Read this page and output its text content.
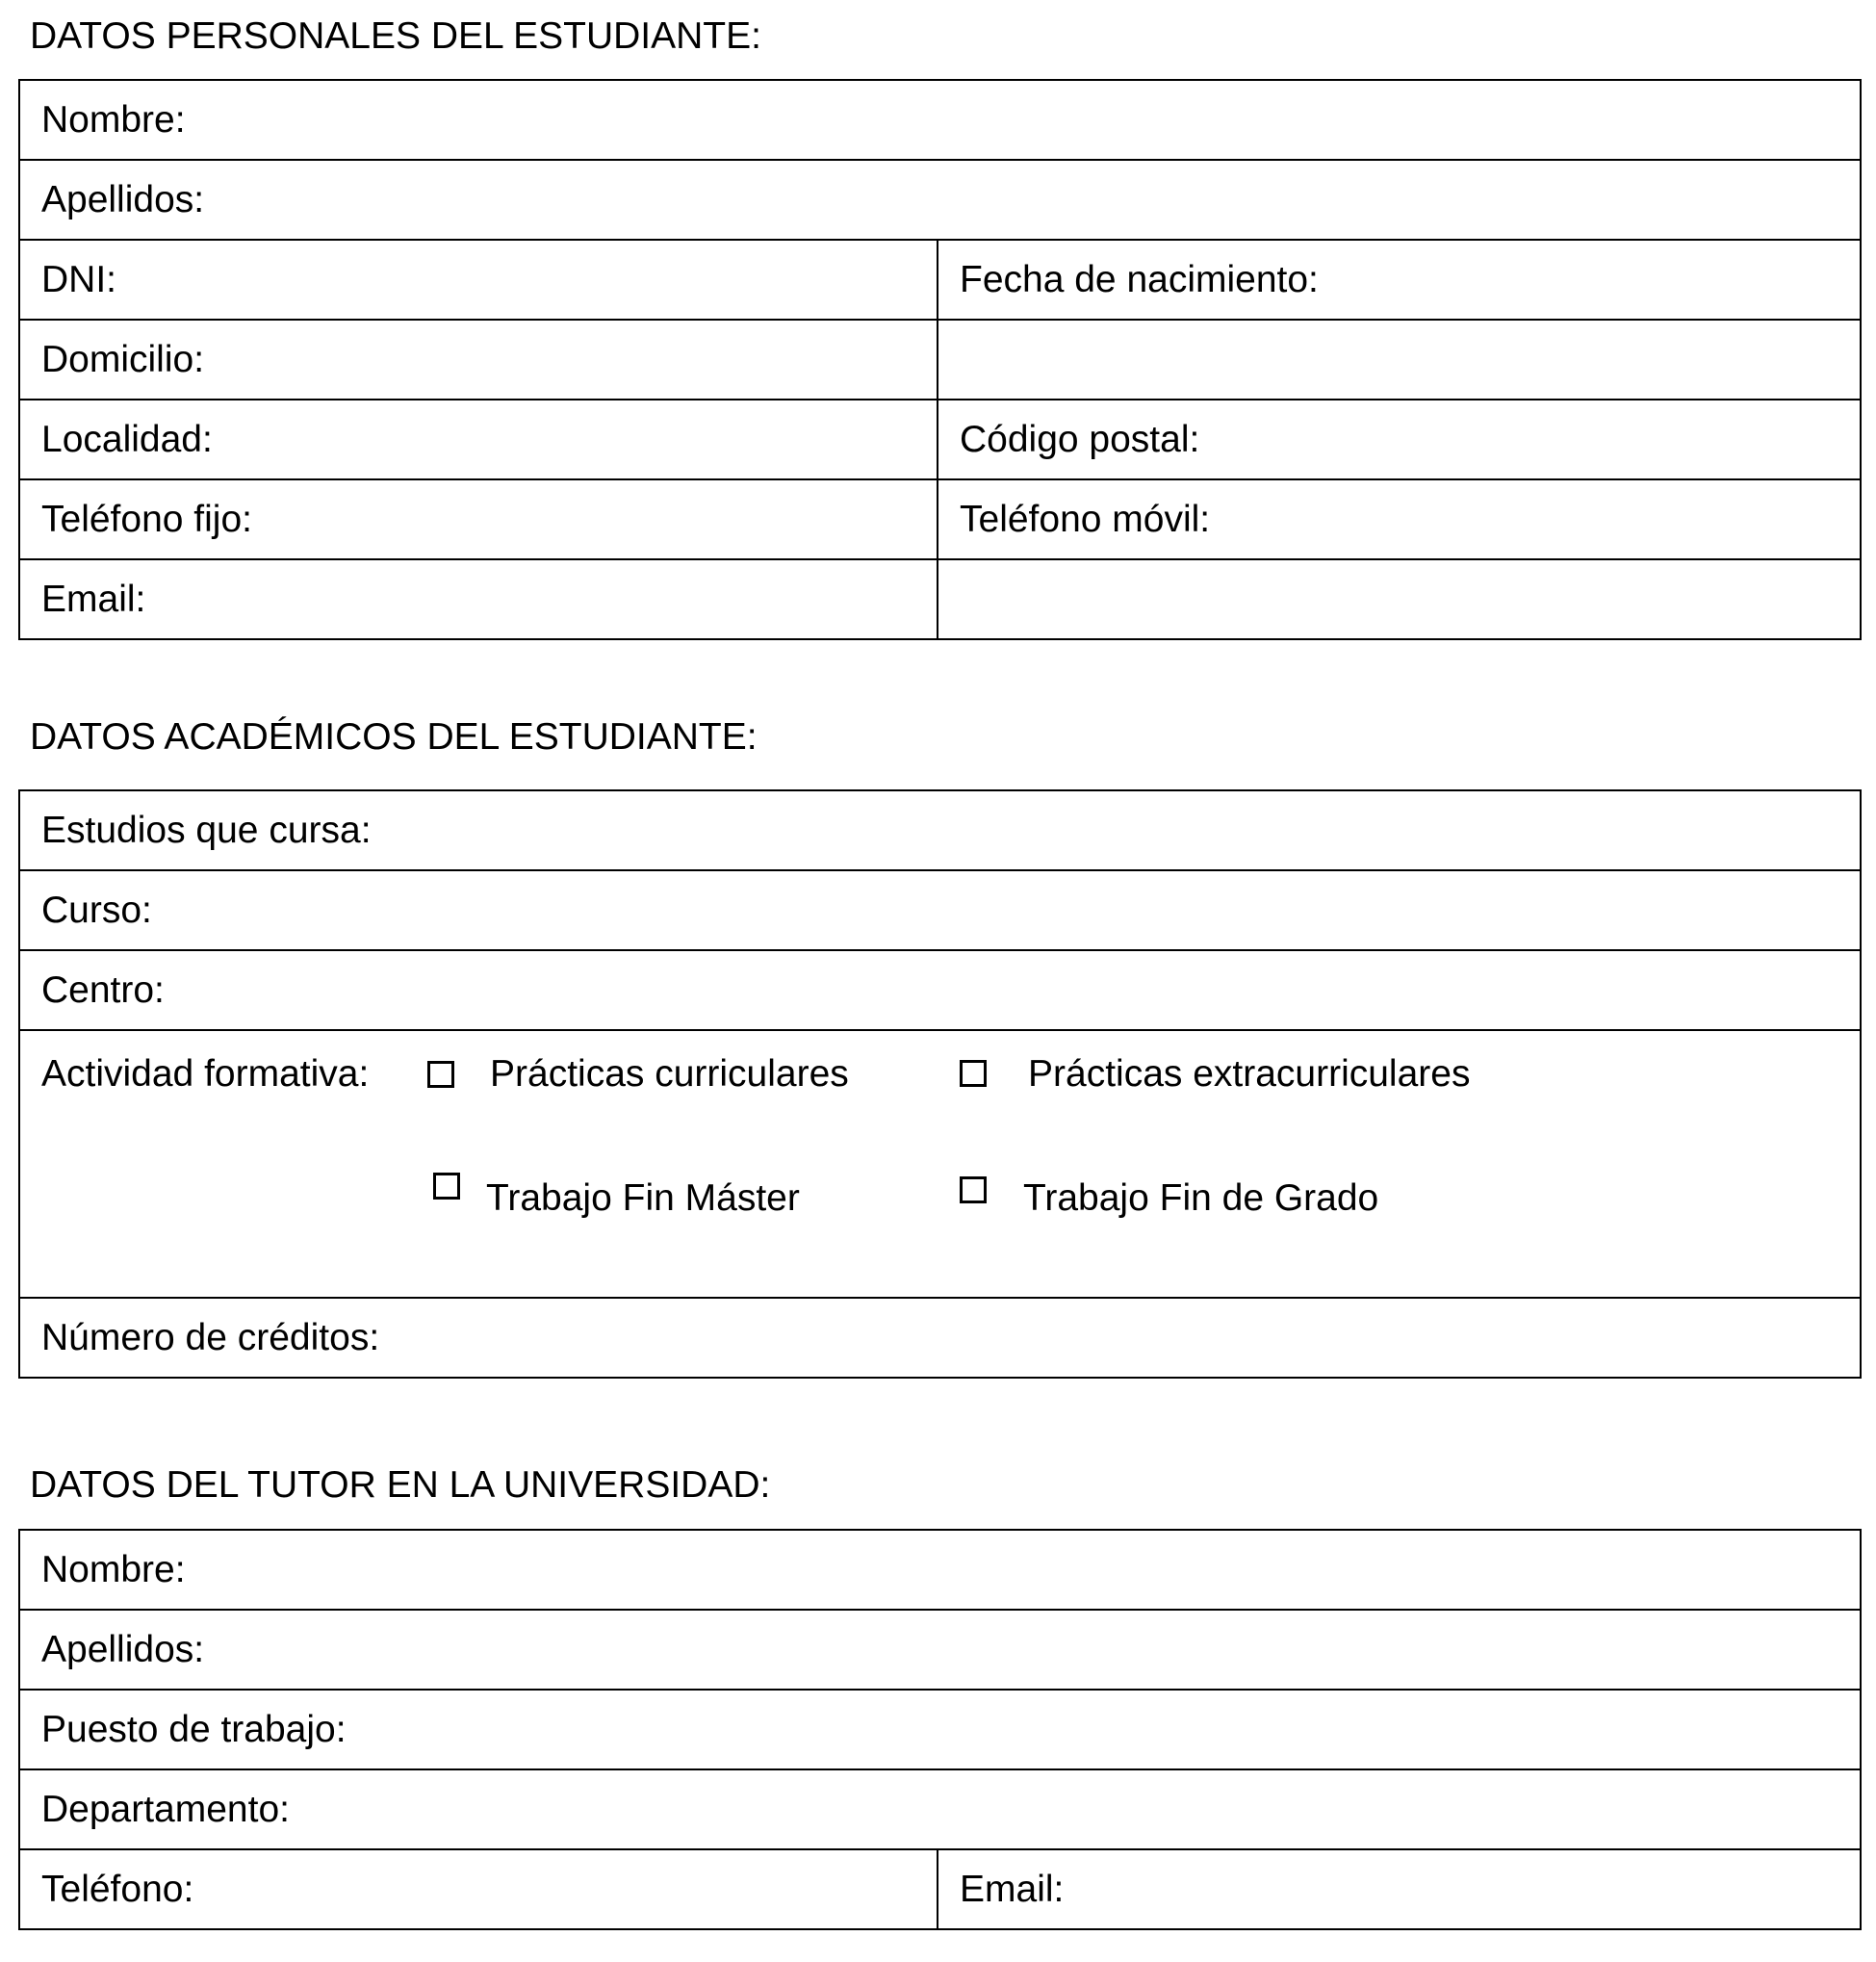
DATOS PERSONALES DEL ESTUDIANTE:
Nombre:
Apellidos:
DNI:	Fecha de nacimiento:
Domicilio:
Localidad:	Código postal:
Teléfono fijo:	Teléfono móvil:
Email:
DATOS ACADÉMICOS DEL ESTUDIANTE:
Estudios que cursa:
Curso:
Centro:
Actividad formativa:	Prácticas curriculares	Prácticas extracurriculares
Trabajo Fin Máster	Trabajo Fin de Grado
Número de créditos:
DATOS DEL TUTOR EN LA UNIVERSIDAD:
Nombre:
Apellidos:
Puesto de trabajo:
Departamento:
Teléfono:	Email:
